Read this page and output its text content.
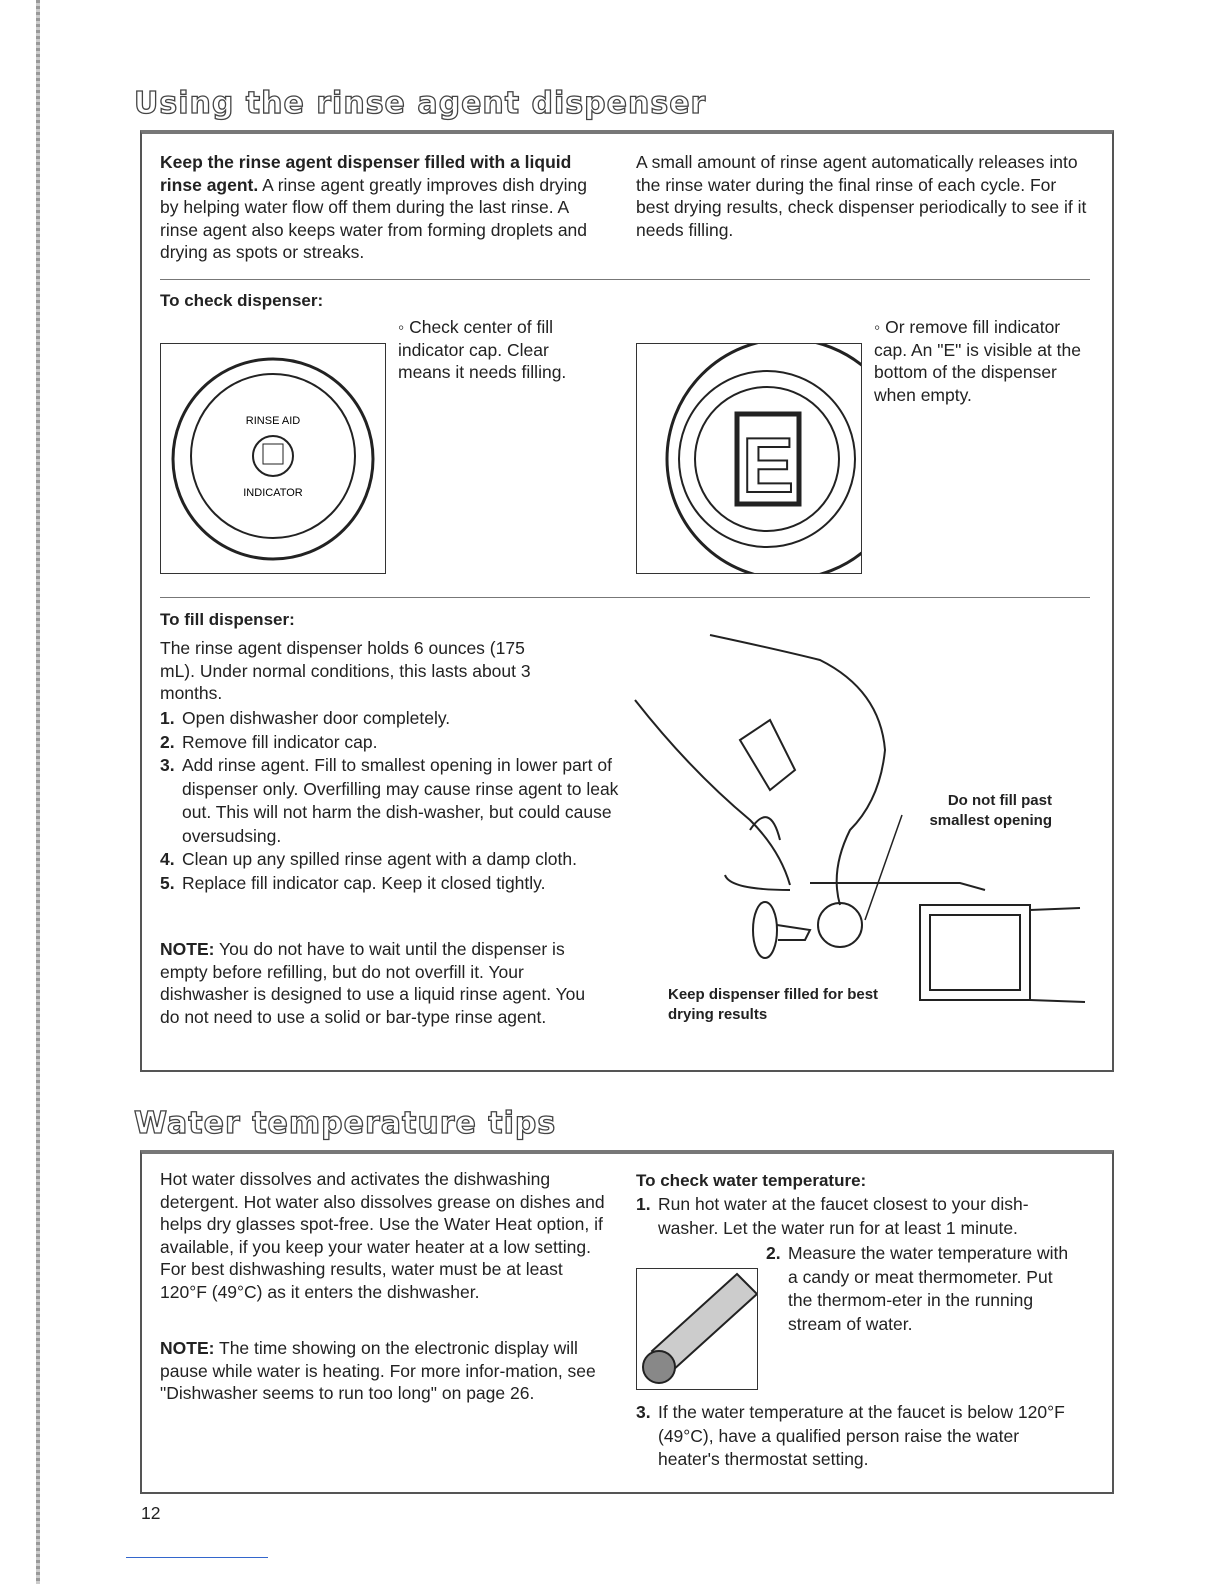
Using the rinse agent dispenser

Keep the rinse agent dispenser filled with a liquid rinse agent. A rinse agent greatly improves dish drying by helping water flow off them during the last rinse. A rinse agent also keeps water from forming droplets and drying as spots or streaks.

A small amount of rinse agent automatically releases into the rinse water during the final rinse of each cycle. For best drying results, check dispenser periodically to see if it needs filling.

To check dispenser:

◦ Check center of fill indicator cap. Clear means it needs filling.

RINSE AID
INDICATOR

◦ Or remove fill indicator cap. An "E" is visible at the bottom of the dispenser when empty.

E
To fill dispenser:

The rinse agent dispenser holds 6 ounces (175 mL). Under normal conditions, this lasts about 3 months.

1. Open dishwasher door completely.
2. Remove fill indicator cap.
3. Add rinse agent. Fill to smallest opening in lower part of dispenser only. Overfilling may cause rinse agent to leak out. This will not harm the dish-washer, but could cause oversudsing.
4. Clean up any spilled rinse agent with a damp cloth.
5. Replace fill indicator cap. Keep it closed tightly.

NOTE: You do not have to wait until the dispenser is empty before refilling, but do not overfill it. Your dishwasher is designed to use a liquid rinse agent. You do not need to use a solid or bar-type rinse agent.

Do not fill past smallest opening
Keep dispenser filled for best drying results
Water temperature tips

Hot water dissolves and activates the dishwashing detergent. Hot water also dissolves grease on dishes and helps dry glasses spot-free. Use the Water Heat option, if available, if you keep your water heater at a low setting. For best dishwashing results, water must be at least 120°F (49°C) as it enters the dishwasher.

NOTE: The time showing on the electronic display will pause while water is heating. For more infor-mation, see "Dishwasher seems to run too long" on page 26.

To check water temperature:
1. Run hot water at the faucet closest to your dish-washer. Let the water run for at least 1 minute.
2. Measure the water temperature with a candy or meat thermometer. Put the thermom-eter in the running stream of water.
3. If the water temperature at the faucet is below 120°F (49°C), have a qualified person raise the water heater's thermostat setting.
12
